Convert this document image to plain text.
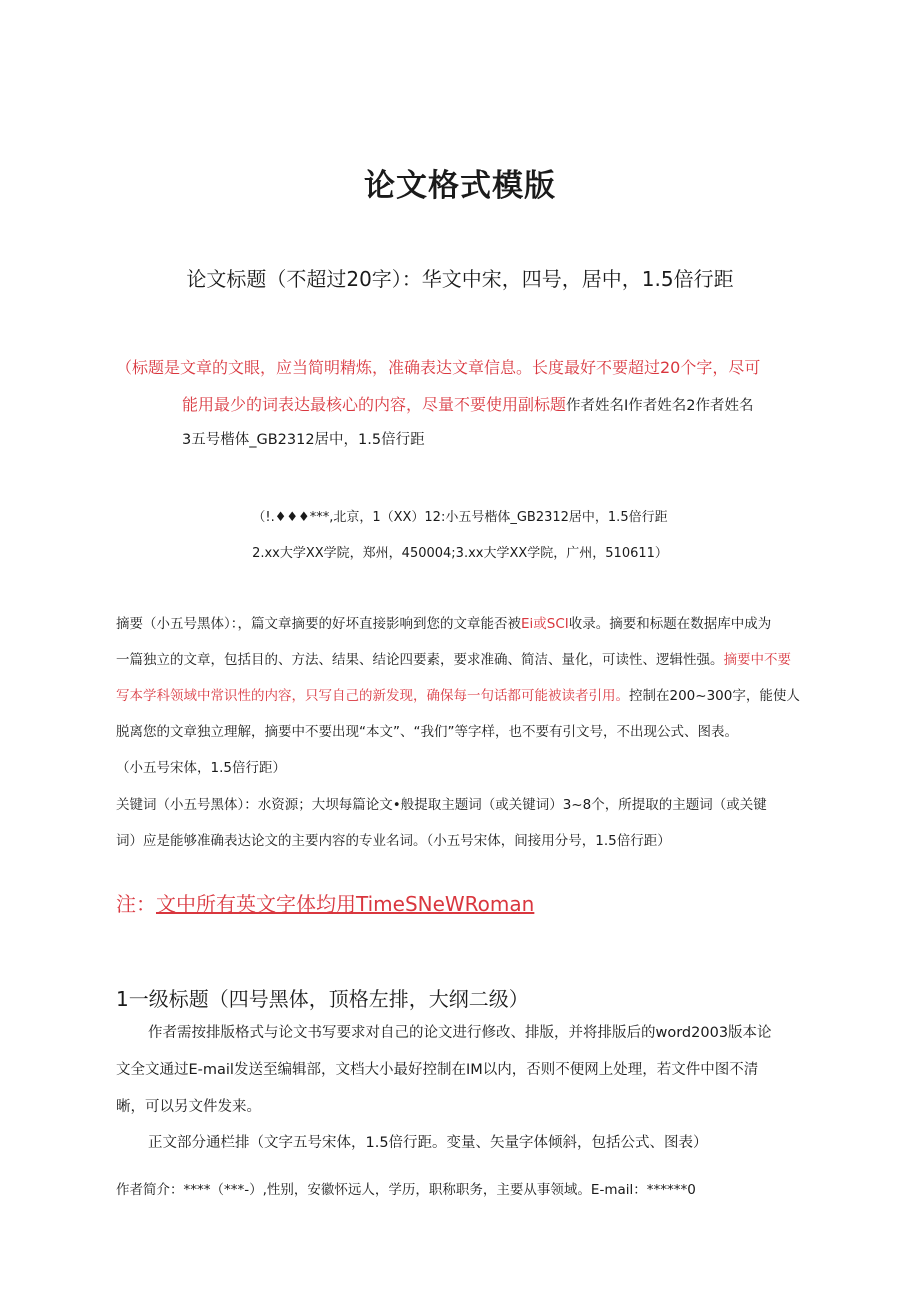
论文格式模版
论文标题（不超过20字）：华文中宋，四号，居中，1.5倍行距
（标题是文章的文眼，应当简明精炼，准确表达文章信息。长度最好不要超过20个字，尽可
能用最少的词表达最核心的内容，尽量不要使用副标题作者姓名I作者姓名2作者姓名
3五号楷体_GB2312居中，1.5倍行距
（!.♦♦♦***,北京，1（XX）12:小五号楷体_GB2312居中，1.5倍行距
2.xx大学XX学院，郑州，450004;3.xx大学XX学院，广州，510611）
摘要（小五号黑体）：，篇文章摘要的好坏直接影响到您的文章能否被Ei或SCI收录。摘要和标题在数据库中成为
一篇独立的文章，包括目的、方法、结果、结论四要素，要求准确、简洁、量化，可读性、逻辑性强。摘要中不要
写本学科领域中常识性的内容，只写自己的新发现，确保每一句话都可能被读者引用。控制在200~300字，能使人
脱离您的文章独立理解，摘要中不要出现“本文”、“我们”等字样，也不要有引文号，不出现公式、图表。
（小五号宋体，1.5倍行距）
关键词（小五号黑体）：水资源；大坝每篇论文•般提取主题词（或关键词）3~8个，所提取的主题词（或关键
词）应是能够准确表达论文的主要内容的专业名词。（小五号宋体，间接用分号，1.5倍行距）
注：文中所有英文字体均用TimeSNeWRoman
1一级标题（四号黑体，顶格左排，大纲二级）
作者需按排版格式与论文书写要求对自己的论文进行修改、排版，并将排版后的word2003版本论
文全文通过E-mail发送至编辑部，文档大小最好控制在IM以内，否则不便网上处理，若文件中图不清
晰，可以另文件发来。
正文部分通栏排（文字五号宋体，1.5倍行距。变量、矢量字体倾斜，包括公式、图表）
作者简介：****（***-）,性别，安徽怀远人，学历，职称职务，主要从事领域。E-mail：******0
